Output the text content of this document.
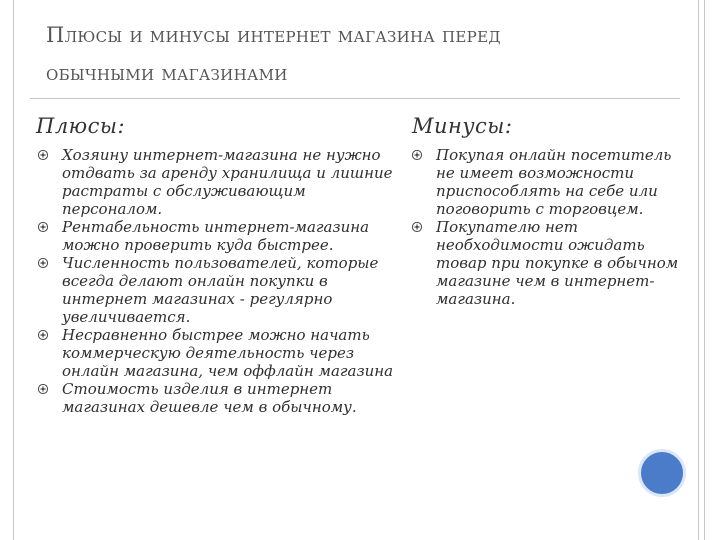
Плюсы и минусы интернет магазина перед
обычными магазинами
Плюсы:	Минусы:
Хозяину интернет-магазина не нужно отдвать за аренду хранилища и лишние растраты с обслуживающим персоналом.
Рентабельность интернет-магазина можно проверить куда быстрее.
Численность пользователей, которые всегда делают онлайн покупки в интернет магазинах - регулярно увеличивается.
Несравненно быстрее можно начать коммерческую деятельность через онлайн магазина, чем оффлайн магазина
Стоимость изделия в интернет магазинах дешевле чем в обычному.
Покупая онлайн посетитель не имеет возможности приспособлять на себе или поговорить с торговцем.
Покупателю нет необходимости ожидать товар при покупке в обычном магазине чем в интернет-магазина.
